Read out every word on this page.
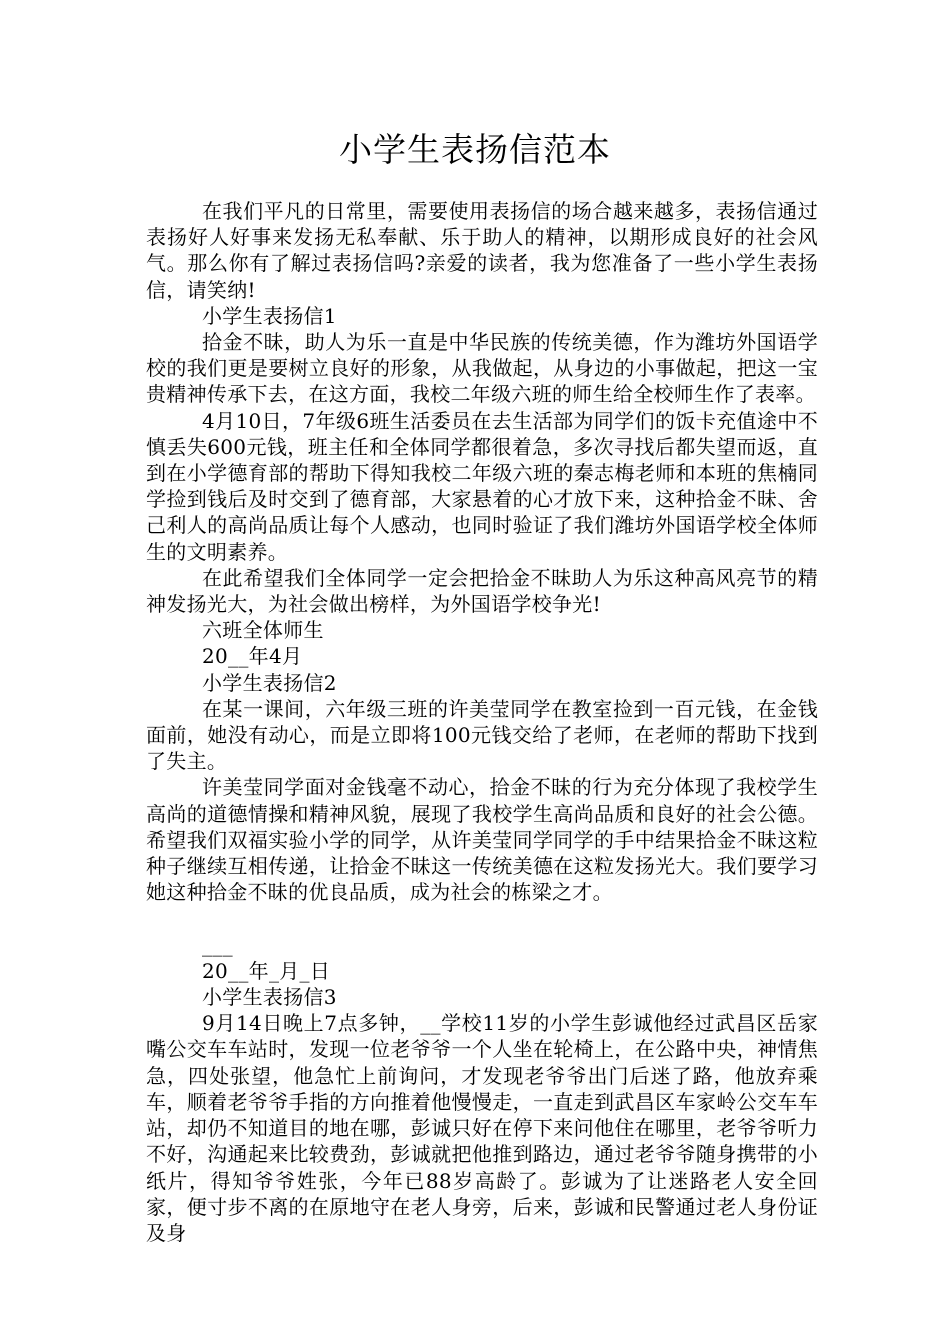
小学生表扬信范本

在我们平凡的日常里，需要使用表扬信的场合越来越多，表扬信通过表扬好人好事来发扬无私奉献、乐于助人的精神，以期形成良好的社会风气。那么你有了解过表扬信吗?亲爱的读者，我为您准备了一些小学生表扬信，请笑纳!

小学生表扬信1

拾金不昧，助人为乐一直是中华民族的传统美德，作为潍坊外国语学校的我们更是要树立良好的形象，从我做起，从身边的小事做起，把这一宝贵精神传承下去，在这方面，我校二年级六班的师生给全校师生作了表率。

4月10日，7年级6班生活委员在去生活部为同学们的饭卡充值途中不慎丢失600元钱，班主任和全体同学都很着急，多次寻找后都失望而返，直到在小学德育部的帮助下得知我校二年级六班的秦志梅老师和本班的焦楠同学捡到钱后及时交到了德育部，大家悬着的心才放下来，这种拾金不昧、舍己利人的高尚品质让每个人感动，也同时验证了我们潍坊外国语学校全体师生的文明素养。

在此希望我们全体同学一定会把拾金不昧助人为乐这种高风亮节的精神发扬光大，为社会做出榜样，为外国语学校争光!

六班全体师生

20__年4月

小学生表扬信2

在某一课间，六年级三班的许美莹同学在教室捡到一百元钱，在金钱面前，她没有动心，而是立即将100元钱交给了老师，在老师的帮助下找到了失主。

许美莹同学面对金钱毫不动心，拾金不昧的行为充分体现了我校学生高尚的道德情操和精神风貌，展现了我校学生高尚品质和良好的社会公德。希望我们双福实验小学的同学，从许美莹同学同学的手中结果拾金不昧这粒种子继续互相传递，让拾金不昧这一传统美德在这粒发扬光大。我们要学习她这种拾金不昧的优良品质，成为社会的栋梁之才。

___

20__年_月_日

小学生表扬信3

9月14日晚上7点多钟，__学校11岁的小学生彭诚他经过武昌区岳家嘴公交车车站时，发现一位老爷爷一个人坐在轮椅上，在公路中央，神情焦急，四处张望，他急忙上前询问，才发现老爷爷出门后迷了路，他放弃乘车，顺着老爷爷手指的方向推着他慢慢走，一直走到武昌区车家岭公交车车站，却仍不知道目的地在哪，彭诚只好在停下来问他住在哪里，老爷爷听力不好，沟通起来比较费劲，彭诚就把他推到路边，通过老爷爷随身携带的小纸片，得知爷爷姓张，今年已88岁高龄了。彭诚为了让迷路老人安全回家，便寸步不离的在原地守在老人身旁，后来，彭诚和民警通过老人身份证及身
